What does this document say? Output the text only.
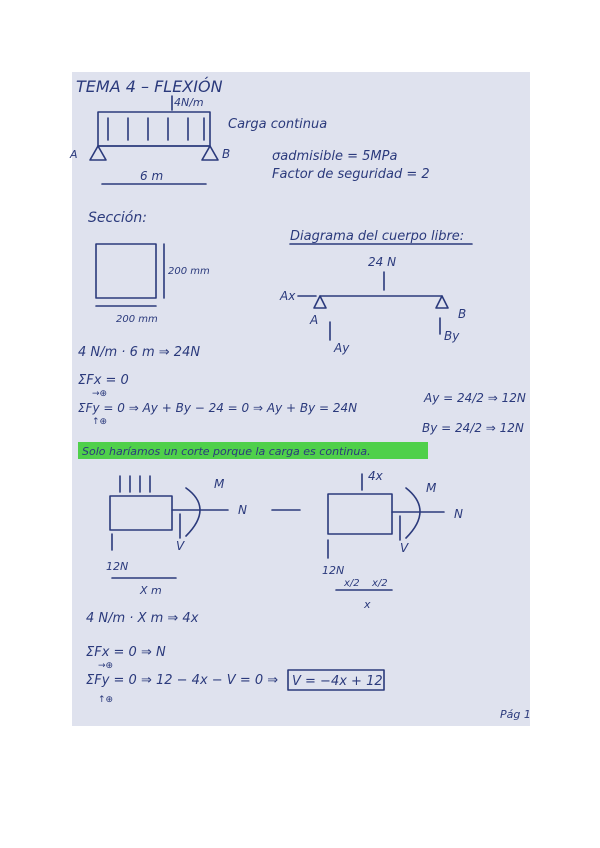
TEMA 4 – FLEXIÓN
4N/m
A	B
6 m
Carga continua
σadmisible = 5MPa
Factor de seguridad = 2
Sección:
200 mm
200 mm
Diagrama del cuerpo libre:
24 N
Ax
A	B
Ay
By
4 N/m · 6 m ⇒ 24N
ΣFx = 0
→⊕
ΣFy = 0 ⇒ Ay + By − 24 = 0 ⇒ Ay + By = 24N
↑⊕
Ay = 24/2 ⇒ 12N
By = 24/2 ⇒ 12N
Solo haríamos un corte porque la carga es continua.
M
N
V
12N
X m
4x
M
N
V
12N
x/2 x/2
x
4 N/m · X m ⇒ 4x
ΣFx = 0 ⇒ N
→⊕
ΣFy = 0 ⇒ 12 − 4x − V = 0 ⇒
↑⊕
V = −4x + 12
Pág 1
